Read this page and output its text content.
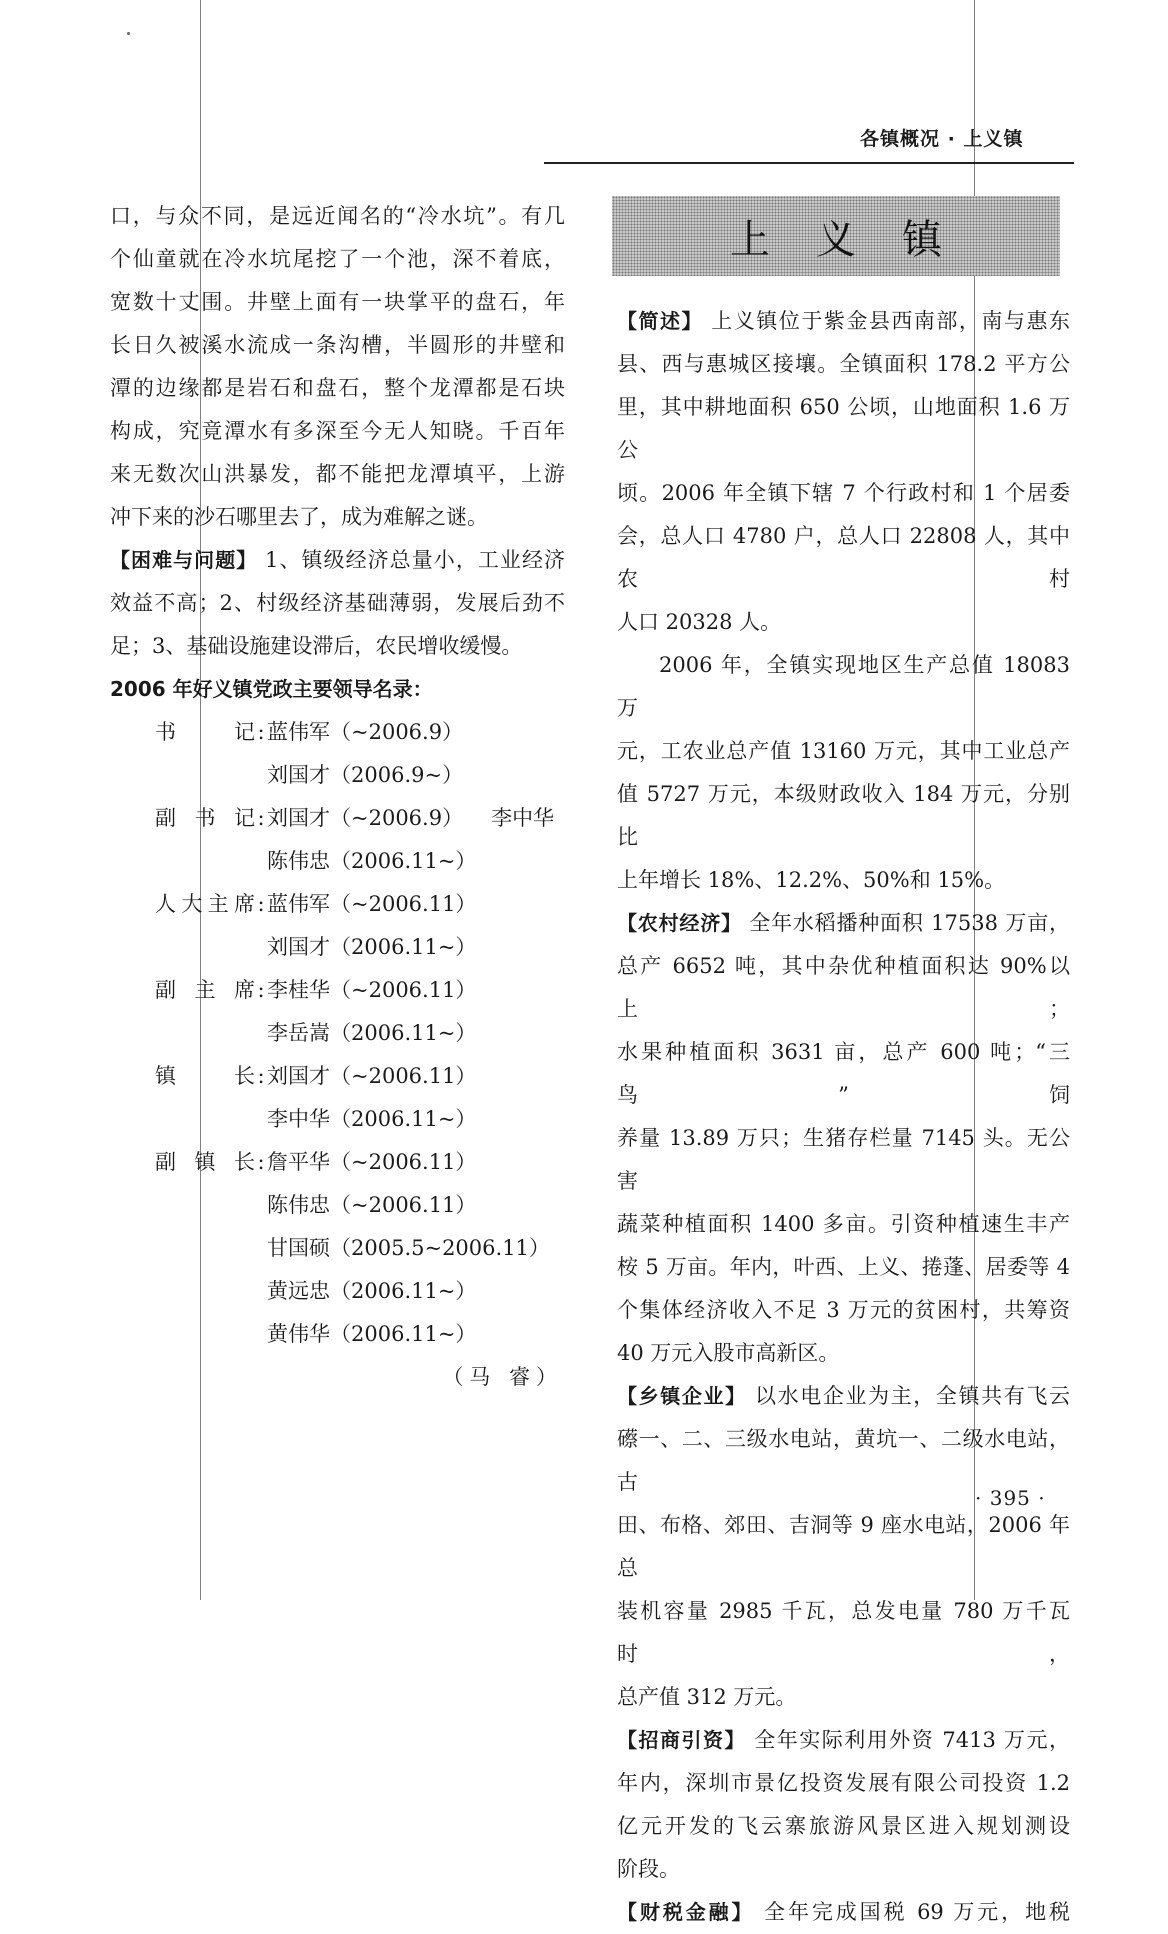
各镇概况 · 上义镇

口，与众不同，是远近闻名的“冷水坑”。有几

个仙童就在冷水坑尾挖了一个池，深不着底，

宽数十丈围。井壁上面有一块掌平的盘石，年

长日久被溪水流成一条沟槽，半圆形的井壁和

潭的边缘都是岩石和盘石，整个龙潭都是石块

构成，究竟潭水有多深至今无人知晓。千百年

来无数次山洪暴发，都不能把龙潭填平，上游

冲下来的沙石哪里去了，成为难解之谜。

【困难与问题】 1、镇级经济总量小，工业经济

效益不高；2、村级经济基础薄弱，发展后劲不

足；3、基础设施建设滞后，农民增收缓慢。

2006 年好义镇党政主要领导名录：

书记 : 蓝伟军（~2006.9）
刘国才（2006.9~）
副书记 : 刘国才（~2006.9） 李中华
陈伟忠（2006.11~）
人大主席 : 蓝伟军（~2006.11）
刘国才（2006.11~）
副主席 : 李桂华（~2006.11）
李岳嵩（2006.11~）
镇长 : 刘国才（~2006.11）
李中华（2006.11~）
副镇长 : 詹平华（~2006.11）
陈伟忠（~2006.11）
甘国硕（2005.5~2006.11）
黄远忠（2006.11~）
黄伟华（2006.11~）

（马 睿）

上义镇

【简述】 上义镇位于紫金县西南部，南与惠东

县、西与惠城区接壤。全镇面积 178.2 平方公

里，其中耕地面积 650 公顷，山地面积 1.6 万公

顷。2006 年全镇下辖 7 个行政村和 1 个居委

会，总人口 4780 户，总人口 22808 人，其中农村

人口 20328 人。

2006 年，全镇实现地区生产总值 18083 万

元，工农业总产值 13160 万元，其中工业总产

值 5727 万元，本级财政收入 184 万元，分别比

上年增长 18%、12.2%、50%和 15%。

【农村经济】 全年水稻播种面积 17538 万亩，

总产 6652 吨，其中杂优种植面积达 90%以上；

水果种植面积 3631 亩，总产 600 吨；“三鸟”饲

养量 13.89 万只；生猪存栏量 7145 头。无公害

蔬菜种植面积 1400 多亩。引资种植速生丰产

桉 5 万亩。年内，叶西、上义、捲蓬、居委等 4

个集体经济收入不足 3 万元的贫困村，共筹资

40 万元入股市高新区。

【乡镇企业】 以水电企业为主，全镇共有飞云

礤一、二、三级水电站，黄坑一、二级水电站，古

田、布格、郊田、吉洞等 9 座水电站，2006 年总

装机容量 2985 千瓦，总发电量 780 万千瓦时，

总产值 312 万元。

【招商引资】 全年实际利用外资 7413 万元，

年内，深圳市景亿投资发展有限公司投资 1.2

亿元开发的飞云寨旅游风景区进入规划测设

阶段。

【财税金融】 全年完成国税 69 万元，地税

· 395 ·
